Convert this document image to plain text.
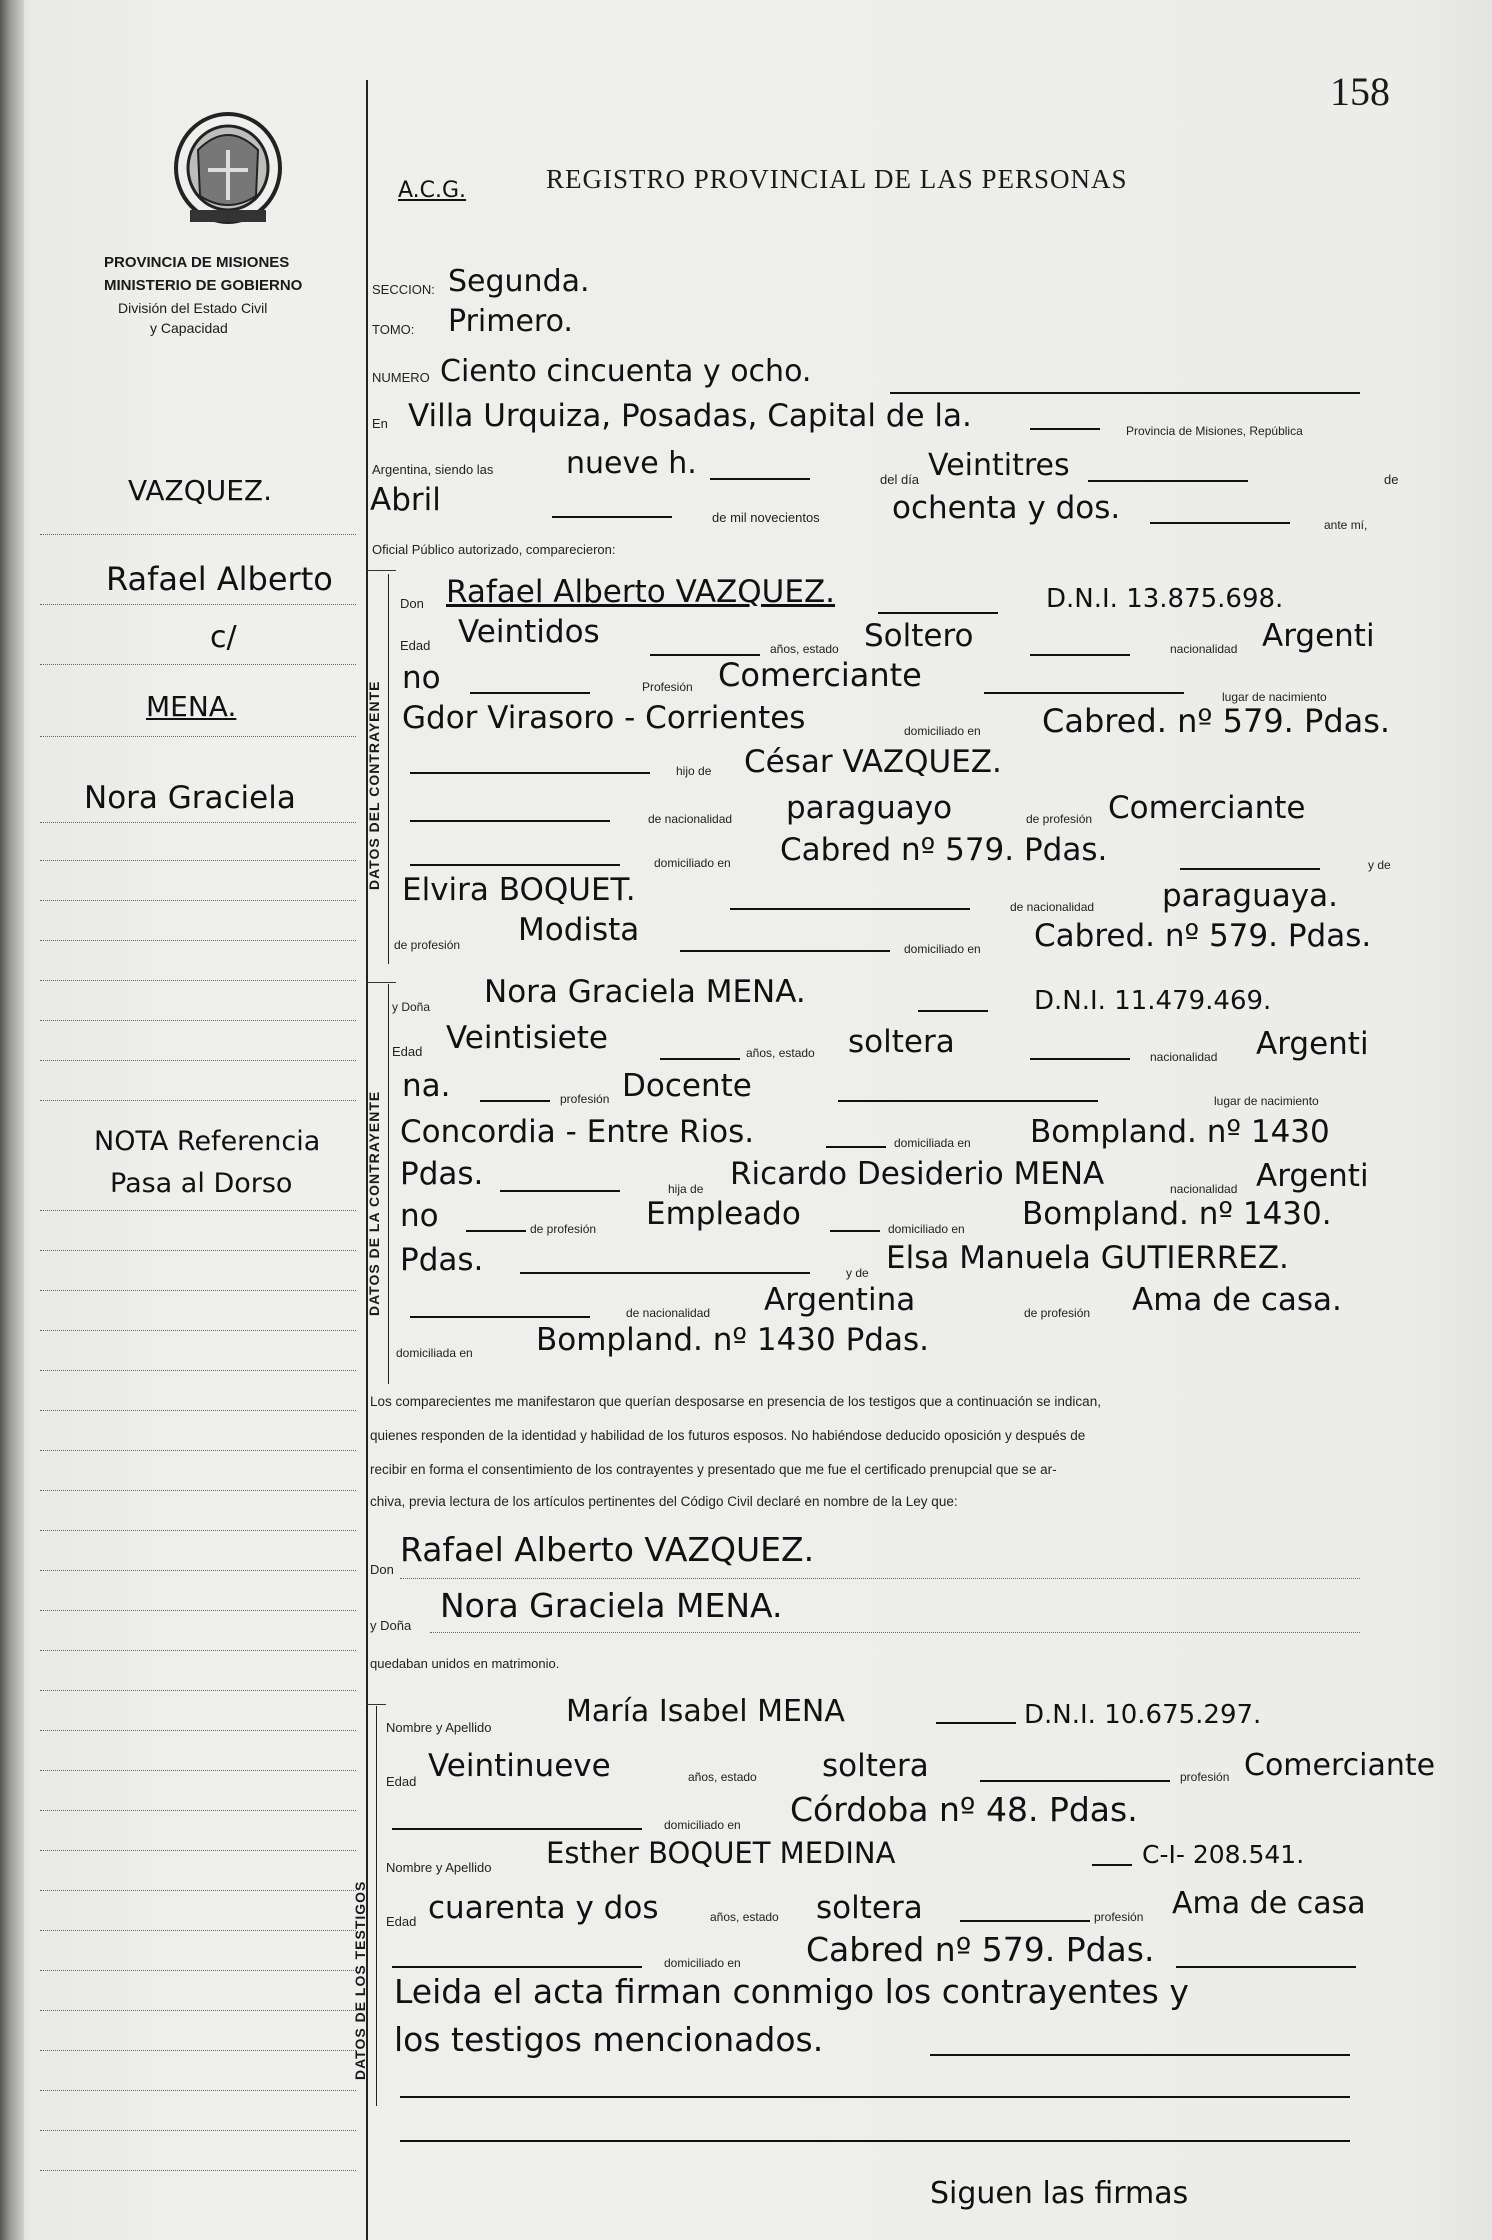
158
PROVINCIA DE MISIONES
MINISTERIO DE GOBIERNO
División del Estado Civil
y Capacidad
A.C.G.	REGISTRO PROVINCIAL DE LAS PERSONAS
VAZQUEZ.
Rafael Alberto
c/
MENA.
Nora Graciela
NOTA Referencia
Pasa al Dorso
SECCION: Segunda.
TOMO: Primero.
NUMERO Ciento cincuenta y ocho.
En Villa Urquiza, Posadas, Capital de la.	Provincia de Misiones, República
Argentina, siendo las nueve h.	del día Veintitres	de
Abril	de mil novecientos ochenta y dos.	ante mí,
Oficial Público autorizado, comparecieron:
DATOS DEL CONTRAYENTE
Don Rafael Alberto VAZQUEZ.	D.N.I. 13.875.698.
Edad Veintidos	años, estado Soltero	nacionalidad Argenti
no	Profesión Comerciante
lugar de nacimiento
Gdor Virasoro - Corrientes	domiciliado en Cabred. nº 579. Pdas.
hijo de César VAZQUEZ.
de nacionalidad paraguayo	de profesión Comerciante
domiciliado en Cabred nº 579. Pdas.	y de
Elvira BOQUET.	de nacionalidad paraguaya.
de profesión Modista
domiciliado en Cabred. nº 579. Pdas.
DATOS DE LA CONTRAYENTE
y Doña Nora Graciela MENA.	D.N.I. 11.479.469.
Edad Veintisiete	años, estado soltera	nacionalidad Argenti
na.	profesión Docente	lugar de nacimiento
Concordia - Entre Rios.	domiciliada en Bompland. nº 1430
Pdas.	hija de Ricardo Desiderio MENA	nacionalidad Argenti
no	de profesión Empleado	domiciliado en Bompland. nº 1430.
Pdas.	y de Elsa Manuela GUTIERREZ.
de nacionalidad Argentina	de profesión Ama de casa.
domiciliada en Bompland. nº 1430 Pdas.
Los comparecientes me manifestaron que querían desposarse en presencia de los testigos que a continuación se indican,
quienes responden de la identidad y habilidad de los futuros esposos. No habiéndose deducido oposición y después de
recibir en forma el consentimiento de los contrayentes y presentado que me fue el certificado prenupcial que se ar-
chiva, previa lectura de los artículos pertinentes del Código Civil declaré en nombre de la Ley que:
Don
Rafael Alberto VAZQUEZ.
y Doña
Nora Graciela MENA.
quedaban unidos en matrimonio.
DATOS DE LOS TESTIGOS
Nombre y Apellido María Isabel MENA	D.N.I. 10.675.297.
Edad Veintinueve	años, estado soltera	profesión Comerciante
domiciliado en Córdoba nº 48. Pdas.
Nombre y Apellido Esther BOQUET MEDINA	C-I- 208.541.
Edad cuarenta y dos	años, estado soltera	profesión Ama de casa
domiciliado en Cabred nº 579. Pdas.
Leida el acta firman conmigo los contrayentes y
los testigos mencionados.
Siguen las firmas
